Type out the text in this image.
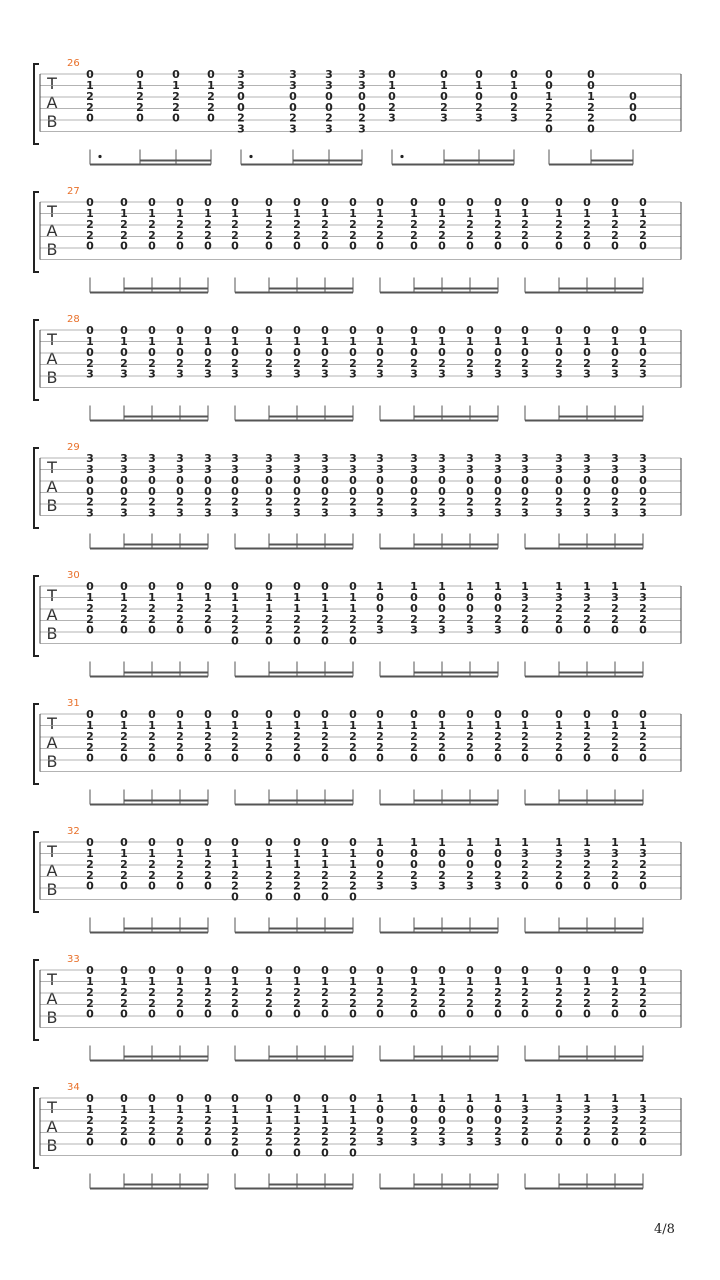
26
T
A
B
0
1
2
2
0
0
1
2
2
0
0
1
2
2
0
0
1
2
2
0
3
3
0
0
2
3
3
3
0
0
2
3
3
3
0
0
2
3
3
3
0
0
2
3
0
1
0
2
3
0
1
0
2
3
0
1
0
2
3
0
1
0
2
3
0
0
1
2
2
0
0
0
1
2
2
0
0
0
0
27
T
A
B
0
1
2
2
0
0
1
2
2
0
0
1
2
2
0
0
1
2
2
0
0
1
2
2
0
0
1
2
2
0
0
1
2
2
0
0
1
2
2
0
0
1
2
2
0
0
1
2
2
0
0
1
2
2
0
0
1
2
2
0
0
1
2
2
0
0
1
2
2
0
0
1
2
2
0
0
1
2
2
0
0
1
2
2
0
0
1
2
2
0
0
1
2
2
0
0
1
2
2
0
28
T
A
B
0
1
0
2
3
0
1
0
2
3
0
1
0
2
3
0
1
0
2
3
0
1
0
2
3
0
1
0
2
3
0
1
0
2
3
0
1
0
2
3
0
1
0
2
3
0
1
0
2
3
0
1
0
2
3
0
1
0
2
3
0
1
0
2
3
0
1
0
2
3
0
1
0
2
3
0
1
0
2
3
0
1
0
2
3
0
1
0
2
3
0
1
0
2
3
0
1
0
2
3
29
T
A
B
3
3
0
0
2
3
3
3
0
0
2
3
3
3
0
0
2
3
3
3
0
0
2
3
3
3
0
0
2
3
3
3
0
0
2
3
3
3
0
0
2
3
3
3
0
0
2
3
3
3
0
0
2
3
3
3
0
0
2
3
3
3
0
0
2
3
3
3
0
0
2
3
3
3
0
0
2
3
3
3
0
0
2
3
3
3
0
0
2
3
3
3
0
0
2
3
3
3
0
0
2
3
3
3
0
0
2
3
3
3
0
0
2
3
3
3
0
0
2
3
30
T
A
B
0
1
2
2
0
0
1
2
2
0
0
1
2
2
0
0
1
2
2
0
0
1
2
2
0
0
1
1
2
2
0
0
1
1
2
2
0
0
1
1
2
2
0
0
1
1
2
2
0
0
1
1
2
2
0
1
0
0
2
3
1
0
0
2
3
1
0
0
2
3
1
0
0
2
3
1
0
0
2
3
1
3
2
2
0
1
3
2
2
0
1
3
2
2
0
1
3
2
2
0
1
3
2
2
0
31
T
A
B
0
1
2
2
0
0
1
2
2
0
0
1
2
2
0
0
1
2
2
0
0
1
2
2
0
0
1
2
2
0
0
1
2
2
0
0
1
2
2
0
0
1
2
2
0
0
1
2
2
0
0
1
2
2
0
0
1
2
2
0
0
1
2
2
0
0
1
2
2
0
0
1
2
2
0
0
1
2
2
0
0
1
2
2
0
0
1
2
2
0
0
1
2
2
0
0
1
2
2
0
32
T
A
B
0
1
2
2
0
0
1
2
2
0
0
1
2
2
0
0
1
2
2
0
0
1
2
2
0
0
1
1
2
2
0
0
1
1
2
2
0
0
1
1
2
2
0
0
1
1
2
2
0
0
1
1
2
2
0
1
0
0
2
3
1
0
0
2
3
1
0
0
2
3
1
0
0
2
3
1
0
0
2
3
1
3
2
2
0
1
3
2
2
0
1
3
2
2
0
1
3
2
2
0
1
3
2
2
0
33
T
A
B
0
1
2
2
0
0
1
2
2
0
0
1
2
2
0
0
1
2
2
0
0
1
2
2
0
0
1
2
2
0
0
1
2
2
0
0
1
2
2
0
0
1
2
2
0
0
1
2
2
0
0
1
2
2
0
0
1
2
2
0
0
1
2
2
0
0
1
2
2
0
0
1
2
2
0
0
1
2
2
0
0
1
2
2
0
0
1
2
2
0
0
1
2
2
0
0
1
2
2
0
34
T
A
B
0
1
2
2
0
0
1
2
2
0
0
1
2
2
0
0
1
2
2
0
0
1
2
2
0
0
1
1
2
2
0
0
1
1
2
2
0
0
1
1
2
2
0
0
1
1
2
2
0
0
1
1
2
2
0
1
0
0
2
3
1
0
0
2
3
1
0
0
2
3
1
0
0
2
3
1
0
0
2
3
1
3
2
2
0
1
3
2
2
0
1
3
2
2
0
1
3
2
2
0
1
3
2
2
0
4/8
